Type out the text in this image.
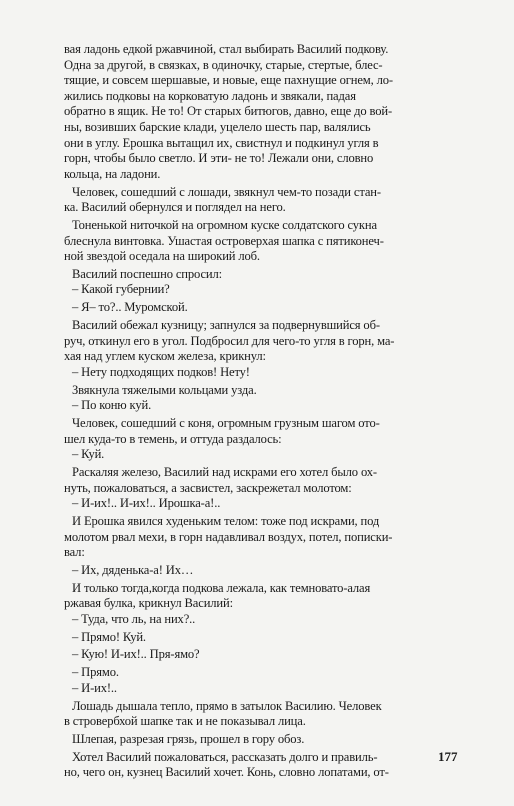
вая ладонь едкой ржавчиной, стал выбирать Василий подкову.
Одна за другой, в связках, в одиночку, старые, стертые, блес-
тящие, и совсем шершавые, и новые, еще пахнущие огнем, ло-
жились подковы на корковатую ладонь и звякали, падая
обратно в ящик. Не то! От старых битюгов, давно, еще до вой-
ны, возивших барские клади, уцелело шесть пар, валялись
они в углу. Ерошка вытащил их, свистнул и подкинул угля в
горн, чтобы было светло. И эти- не то! Лежали они, словно
кольца, на ладони.
Человек, сошедший с лошади, звякнул чем-то позади стан-
ка. Василий обернулся и поглядел на него.
Тоненькой ниточкой на огромном куске солдатского сукна
блеснула винтовка. Ушастая островерхая шапка с пятиконеч-
ной звездой оседала на широкий лоб.
Василий поспешно спросил:
– Какой губернии?
– Я– то?.. Муромской.
Василий обежал кузницу; запнулся за подвернувшийся об-
руч, откинул его в угол. Подбросил для чего-то угля в горн, ма-
хая над углем куском железа, крикнул:
– Нету подходящих подков! Нету!
Звякнула тяжелыми кольцами узда.
– По коню куй.
Человек, сошедший с коня, огромным грузным шагом ото-
шел куда-то в темень, и оттуда раздалось:
– Куй.
Раскаляя железо, Василий над искрами его хотел было ох-
нуть, пожаловаться, а засвистел, заскрежетал молотом:
– И-их!.. И-их!.. Ирошка-а!..
И Ерошка явился худеньким телом: тоже под искрами, под
молотом рвал мехи, в горн надавливал воздух, потел, пописки-
вал:
– Их, дяденька-а! Их…
И только тогда,когда подкова лежала, как темновато-алая
ржавая булка, крикнул Василий:
– Туда, что ль, на них?..
– Прямо! Куй.
– Кую! И-их!.. Пря-ямо?
– Прямо.
– И-их!..
Лошадь дышала тепло, прямо в затылок Василию. Человек
в стровербхой шапке так и не показывал лица.
Шлепая, разрезая грязь, прошел в гору обоз.
Хотел Василий пожаловаться, рассказать долго и правиль-
но, чего он, кузнец Василий хочет. Конь, словно лопатами, от-
177
